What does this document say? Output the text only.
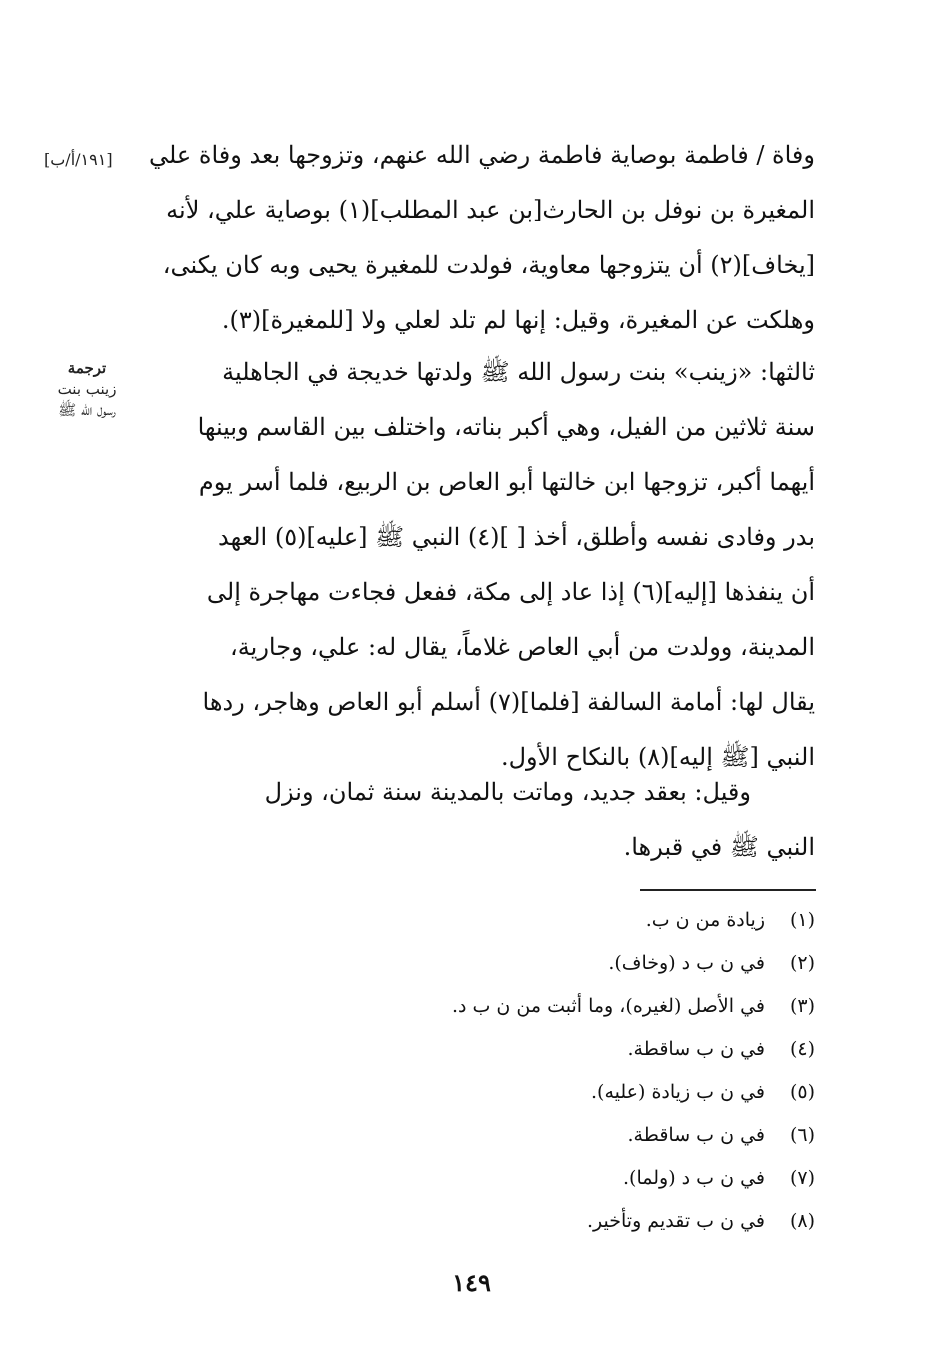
[١٩١/أ/ب]
ترجمة
زينب بنت
رسول الله ﷺ
وفاة / فاطمة بوصاية فاطمة رضي الله عنهم، وتزوجها بعد وفاة علي
المغيرة بن نوفل بن الحارث[بن عبد المطلب](١) بوصاية علي، لأنه
[يخاف](٢) أن يتزوجها معاوية، فولدت للمغيرة يحيى وبه كان يكنى،
وهلكت عن المغيرة، وقيل: إنها لم تلد لعلي ولا [للمغيرة](٣).
ثالثها: «زينب» بنت رسول الله ﷺ ولدتها خديجة في الجاهلية
سنة ثلاثين من الفيل، وهي أكبر بناته، واختلف بين القاسم وبينها
أيهما أكبر، تزوجها ابن خالتها أبو العاص بن الربيع، فلما أسر يوم
بدر وفادى نفسه وأطلق، أخذ [ ](٤) النبي ﷺ [عليه](٥) العهد
أن ينفذها [إليه](٦) إذا عاد إلى مكة، ففعل فجاءت مهاجرة إلى
المدينة، وولدت من أبي العاص غلاماً، يقال له: علي، وجارية،
يقال لها: أمامة السالفة [فلما](٧) أسلم أبو العاص وهاجر، ردها
النبي [ﷺ إليه](٨) بالنكاح الأول.
وقيل: بعقد جديد، وماتت بالمدينة سنة ثمان، ونزل
النبي ﷺ في قبرها.
(١)
زيادة من ن ب.
(٢)
في ن ب د (وخاف).
(٣)
في الأصل (لغيره)، وما أثبت من ن ب د.
(٤)
في ن ب ساقطة.
(٥)
في ن ب زيادة (عليه).
(٦)
في ن ب ساقطة.
(٧)
في ن ب د (ولما).
(٨)
في ن ب تقديم وتأخير.
١٤٩
